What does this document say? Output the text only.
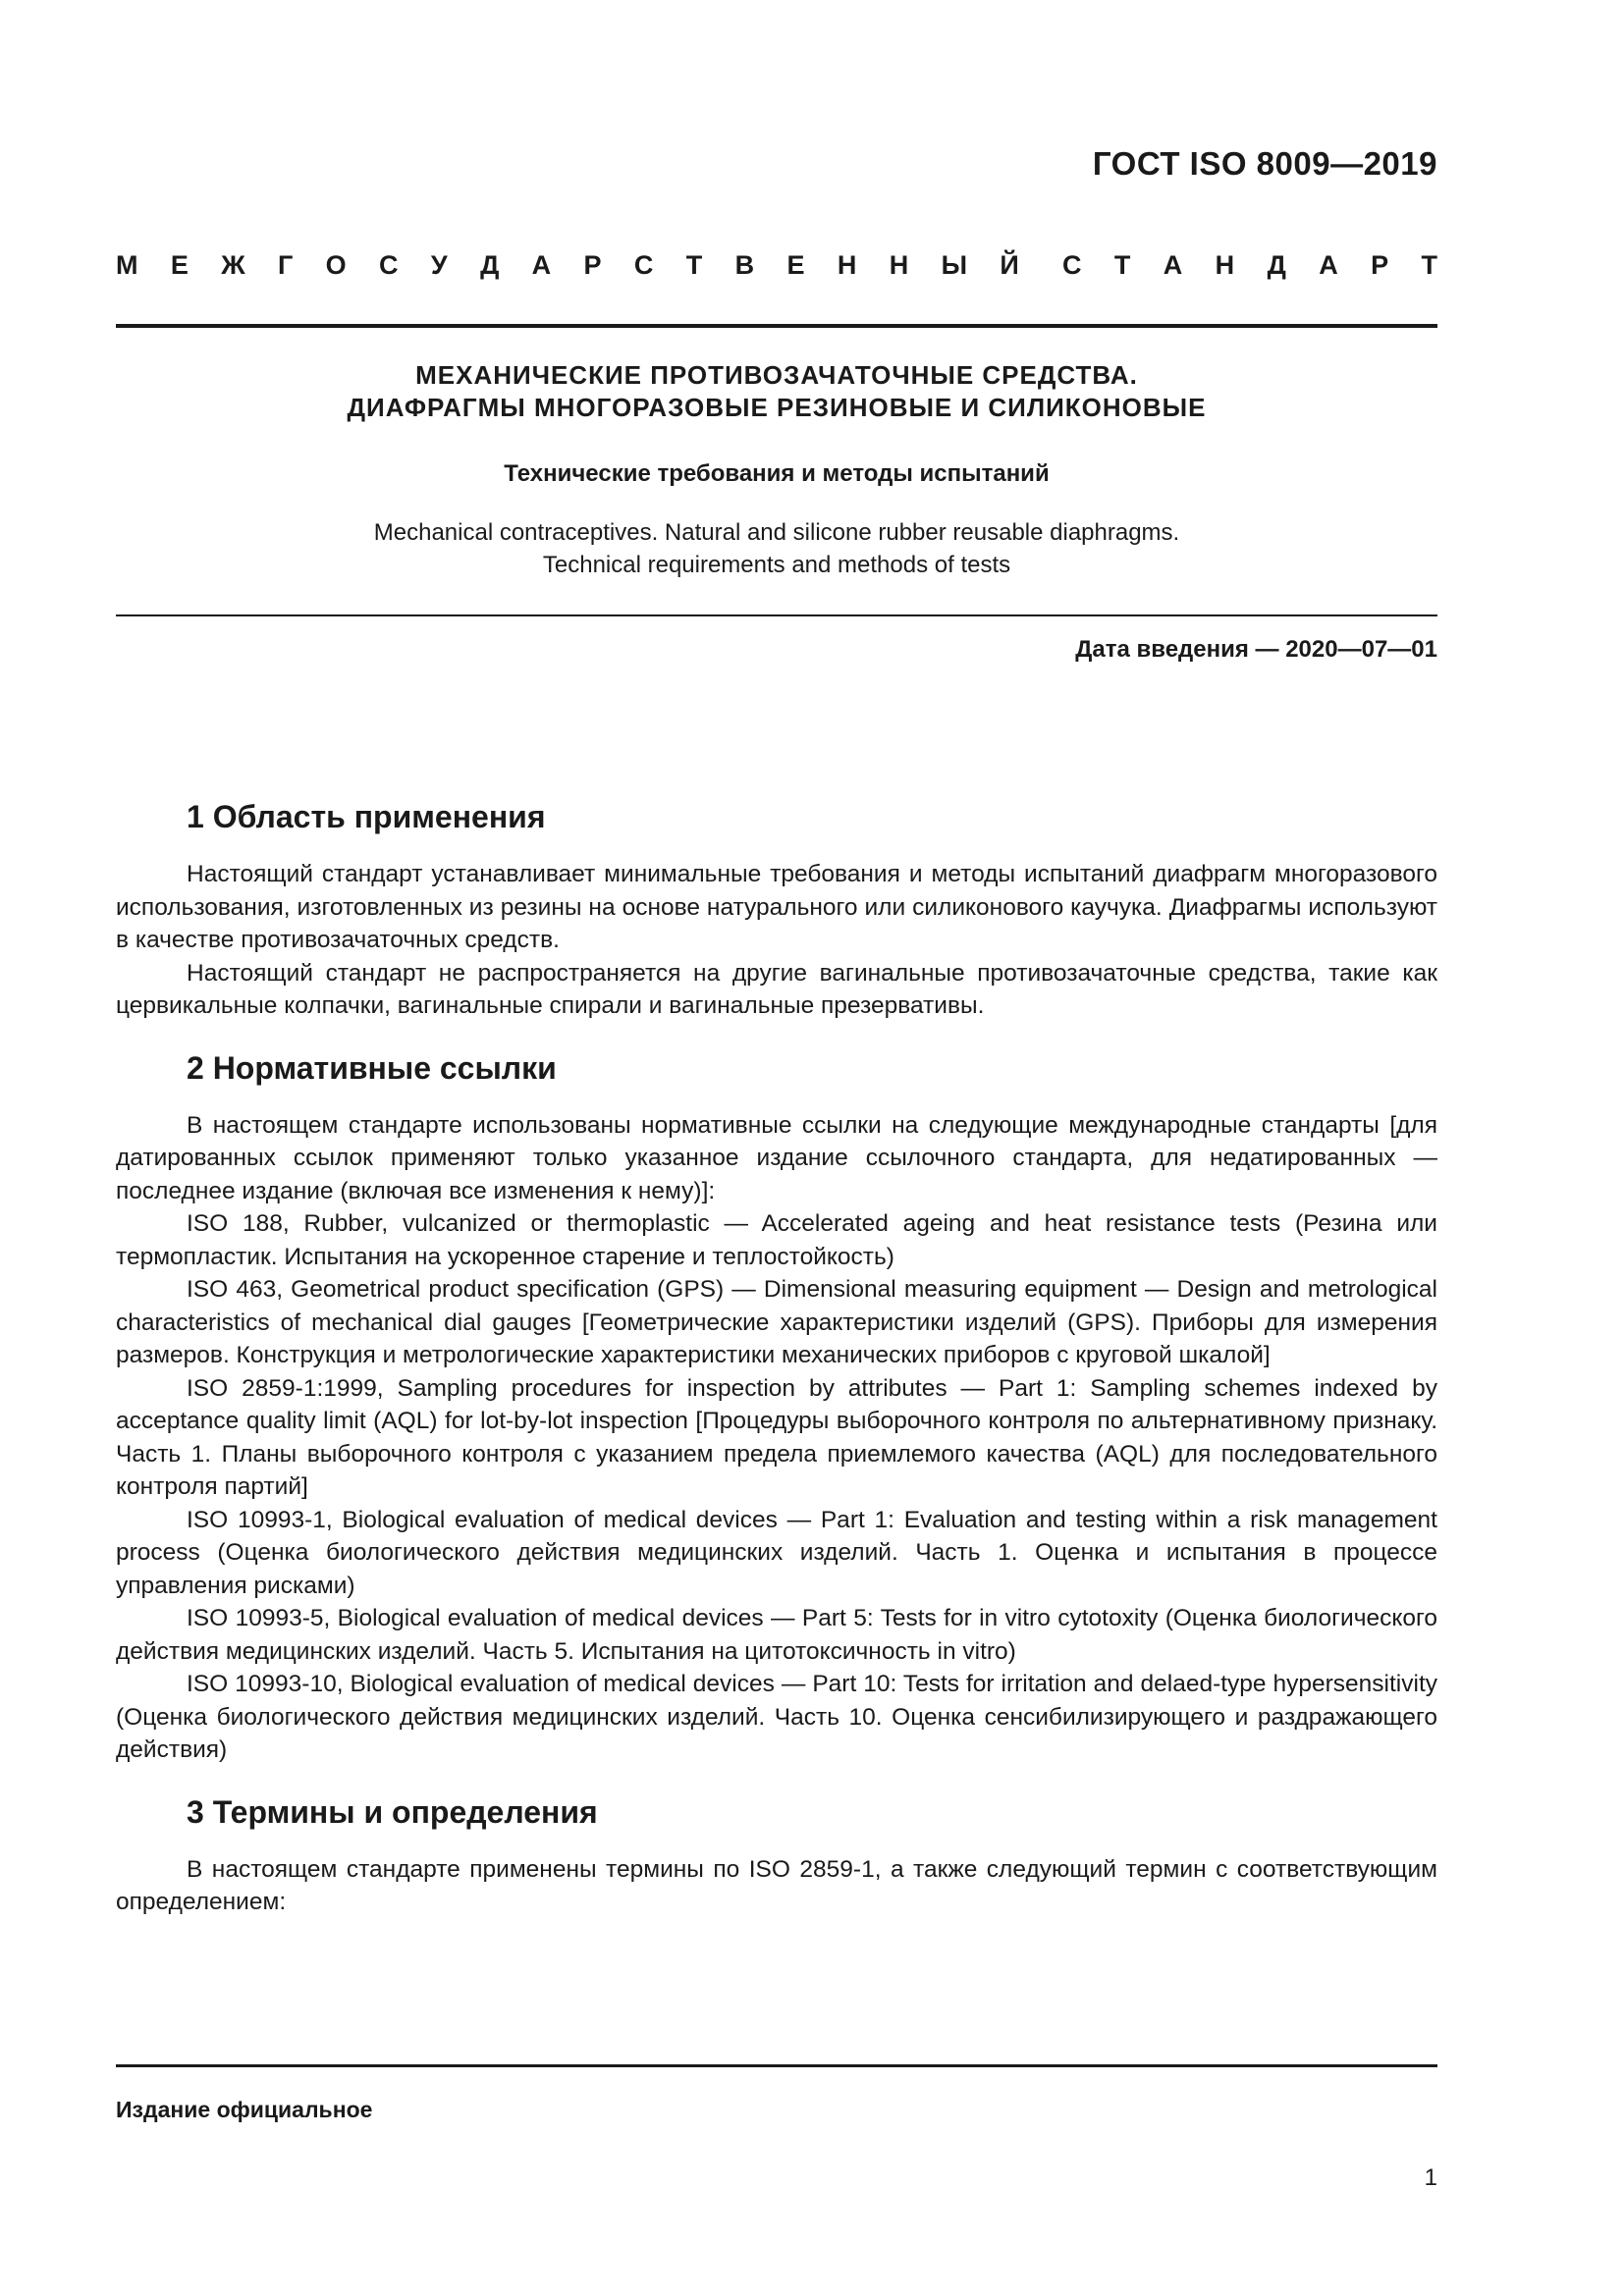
ГОСТ ISO 8009—2019
М Е Ж Г О С У Д А Р С Т В Е Н Н Ы Й С Т А Н Д А Р Т

МЕХАНИЧЕСКИЕ ПРОТИВОЗАЧАТОЧНЫЕ СРЕДСТВА.

ДИАФРАГМЫ МНОГОРАЗОВЫЕ РЕЗИНОВЫЕ И СИЛИКОНОВЫЕ

Технические требования и методы испытаний

Mechanical contraceptives. Natural and silicone rubber reusable diaphragms.

Technical requirements and methods of tests

Дата введения — 2020—07—01
1 Область применения

Настоящий стандарт устанавливает минимальные требования и методы испытаний диафрагм многоразового использования, изготовленных из резины на основе натурального или силиконового каучука. Диафрагмы используют в качестве противозачаточных средств.

Настоящий стандарт не распространяется на другие вагинальные противозачаточные средства, такие как цервикальные колпачки, вагинальные спирали и вагинальные презервативы.

2 Нормативные ссылки

В настоящем стандарте использованы нормативные ссылки на следующие международные стандарты [для датированных ссылок применяют только указанное издание ссылочного стандарта, для недатированных — последнее издание (включая все изменения к нему)]:

ISO 188, Rubber, vulcanized or thermoplastic — Accelerated ageing and heat resistance tests (Резина или термопластик. Испытания на ускоренное старение и теплостойкость)

ISO 463, Geometrical product specification (GPS) — Dimensional measuring equipment — Design and metrological characteristics of mechanical dial gauges [Геометрические характеристики изделий (GPS). Приборы для измерения размеров. Конструкция и метрологические характеристики механических приборов с круговой шкалой]

ISO 2859-1:1999, Sampling procedures for inspection by attributes — Part 1: Sampling schemes indexed by acceptance quality limit (AQL) for lot-by-lot inspection [Процедуры выборочного контроля по альтернативному признаку. Часть 1. Планы выборочного контроля с указанием предела приемлемого качества (AQL) для последовательного контроля партий]

ISO 10993-1, Biological evaluation of medical devices — Part 1: Evaluation and testing within a risk management process (Оценка биологического действия медицинских изделий. Часть 1. Оценка и испытания в процессе управления рисками)

ISO 10993-5, Biological evaluation of medical devices — Part 5: Tests for in vitro cytotoxity (Оценка биологического действия медицинских изделий. Часть 5. Испытания на цитотоксичность in vitro)

ISO 10993-10, Biological evaluation of medical devices — Part 10: Tests for irritation and delaed-type hypersensitivity (Оценка биологического действия медицинских изделий. Часть 10. Оценка сенсибилизирующего и раздражающего действия)

3 Термины и определения

В настоящем стандарте применены термины по ISO 2859-1, а также следующий термин с соответствующим определением:

Издание официальное
1
